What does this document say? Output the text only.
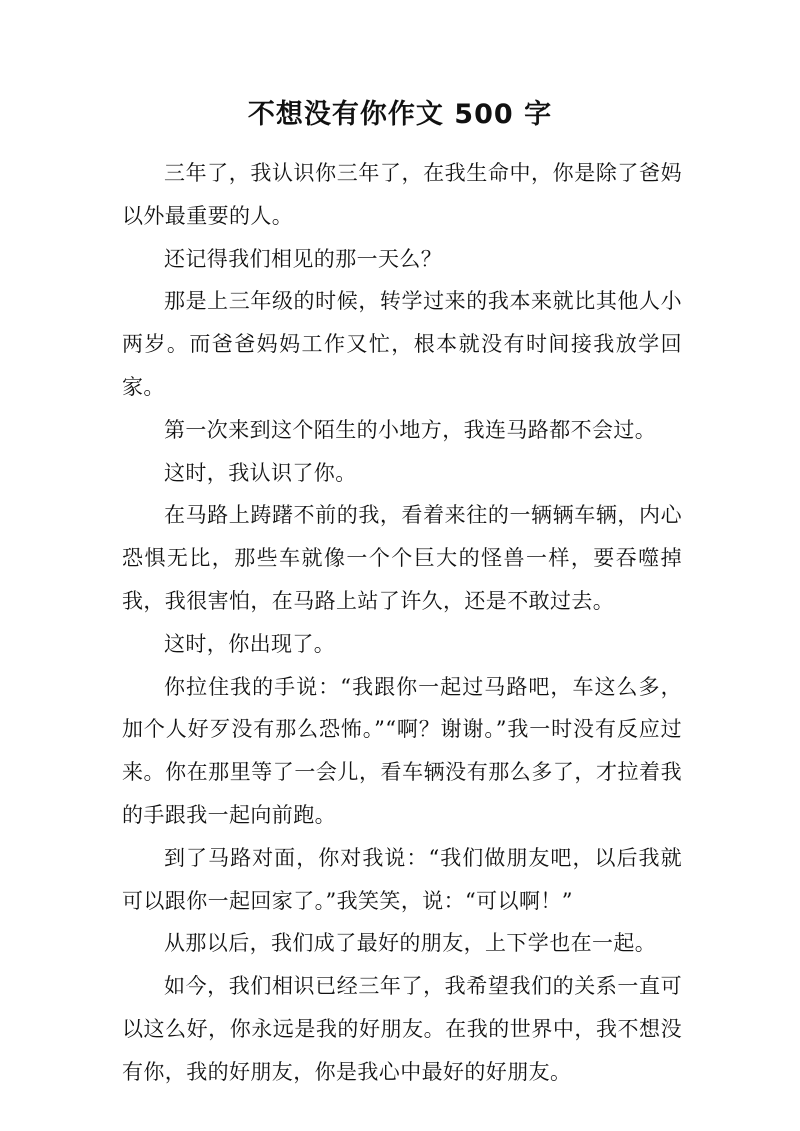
不想没有你作文 500 字

三年了，我认识你三年了，在我生命中，你是除了爸妈以外最重要的人。

还记得我们相见的那一天么？

那是上三年级的时候，转学过来的我本来就比其他人小两岁。而爸爸妈妈工作又忙，根本就没有时间接我放学回家。

第一次来到这个陌生的小地方，我连马路都不会过。

这时，我认识了你。

在马路上踌躇不前的我，看着来往的一辆辆车辆，内心恐惧无比，那些车就像一个个巨大的怪兽一样，要吞噬掉我，我很害怕，在马路上站了许久，还是不敢过去。

这时，你出现了。

你拉住我的手说：“我跟你一起过马路吧，车这么多，加个人好歹没有那么恐怖。”“啊？谢谢。”我一时没有反应过来。你在那里等了一会儿，看车辆没有那么多了，才拉着我的手跟我一起向前跑。

到了马路对面，你对我说：“我们做朋友吧，以后我就可以跟你一起回家了。”我笑笑，说：“可以啊！”

从那以后，我们成了最好的朋友，上下学也在一起。

如今，我们相识已经三年了，我希望我们的关系一直可以这么好，你永远是我的好朋友。在我的世界中，我不想没有你，我的好朋友，你是我心中最好的好朋友。
